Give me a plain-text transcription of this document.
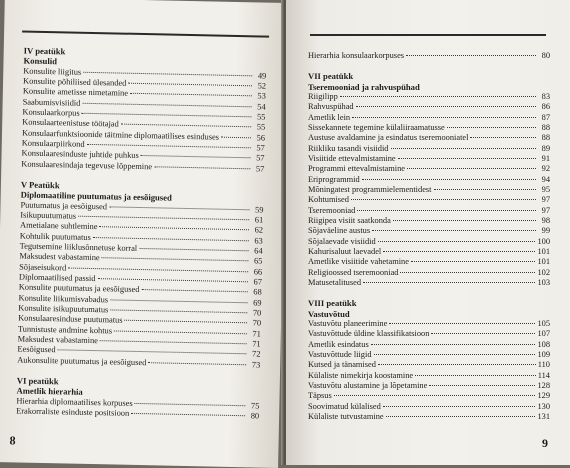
IV peatükk
Konsulid
Konsulite liigitus	49
Konsulite põhiliised ülesanded	52
Konsulite ametisse nimetamine	53
Saabumisvisiidid	54
Konsulaarkorpus	55
Konsulaarteenistuse töötajad	55
Konsulaarfunktsioonide täitmine diplomaatilises esinduses	56
Konsulaarpiirkond	57
Konsulaaresinduste juhtide puhkus	57
Konsulaaresindaja tegevuse lõppemine	57
V Peatükk
Diplomaatiline puutumatus ja eesõigused
Puutumatus ja eesõigused	59
Isikupuutumatus	61
Ametialane suhtlemine	62
Kohtulik puutumatus	63
Tegutsemine liiklusõnnetuse korral	64
Maksudest vabastamine	65
Sõjaseisukord	66
Diplomaatilised passid	67
Konsulite puutumatus ja eesõigused	68
Konsulite liikumisvabadus	69
Konsulite isikupuutumatus	70
Konsulaaresinduse puutumatus	70
Tunnistuste andmine kohtus	71
Maksudest vabastamine	71
Eesõigused	72
Aukonsulite puutumatus ja eesõigused	73
VI peatükk
Ametlik hierarhia
Hierarhia diplomaatilises korpuses	75
Erakorraliste esinduste positsioon	80
8
Hierarhia konsulaarkorpuses	80
VII peatükk
Tseremooniad ja rahvuspühad
Riigilipp	83
Rahvuspühad	86
Ametlik lein	87
Sissekannete tegemine külaliiraamatusse	88
Austuse avaldamine ja esindatus tseremooniatel	88
Riikliku tasandi visiidid	89
Visiitide ettevalmistamine	91
Programmi ettevalmistamine	92
Eriprogrammid	94
Mõningatest programmielementidest	95
Kohtumised	97
Tseremooniad	97
Riigipea visiit saatkonda	98
Sõjaväeline austus	99
Sõjalaevade visiidid	100
Kahurisaluut laevadel	101
Ametlike visiitide vahetamine	101
Religioossed tseremooniad	102
Matusetalitused	103
VIII peatükk
Vastuvõtud
Vastuvõtu planeerimine	105
Vastuvõttude üldine klassifikatsioon	107
Ametlik esindatus	108
Vastuvõttude liigid	109
Kutsed ja tänamised	110
Külaliste nimekirja koostamine	114
Vastuvõtu alustamine ja lõpetamine	128
Täpsus	129
Soovimatud külalised	130
Külaliste tutvustamine	131
9
